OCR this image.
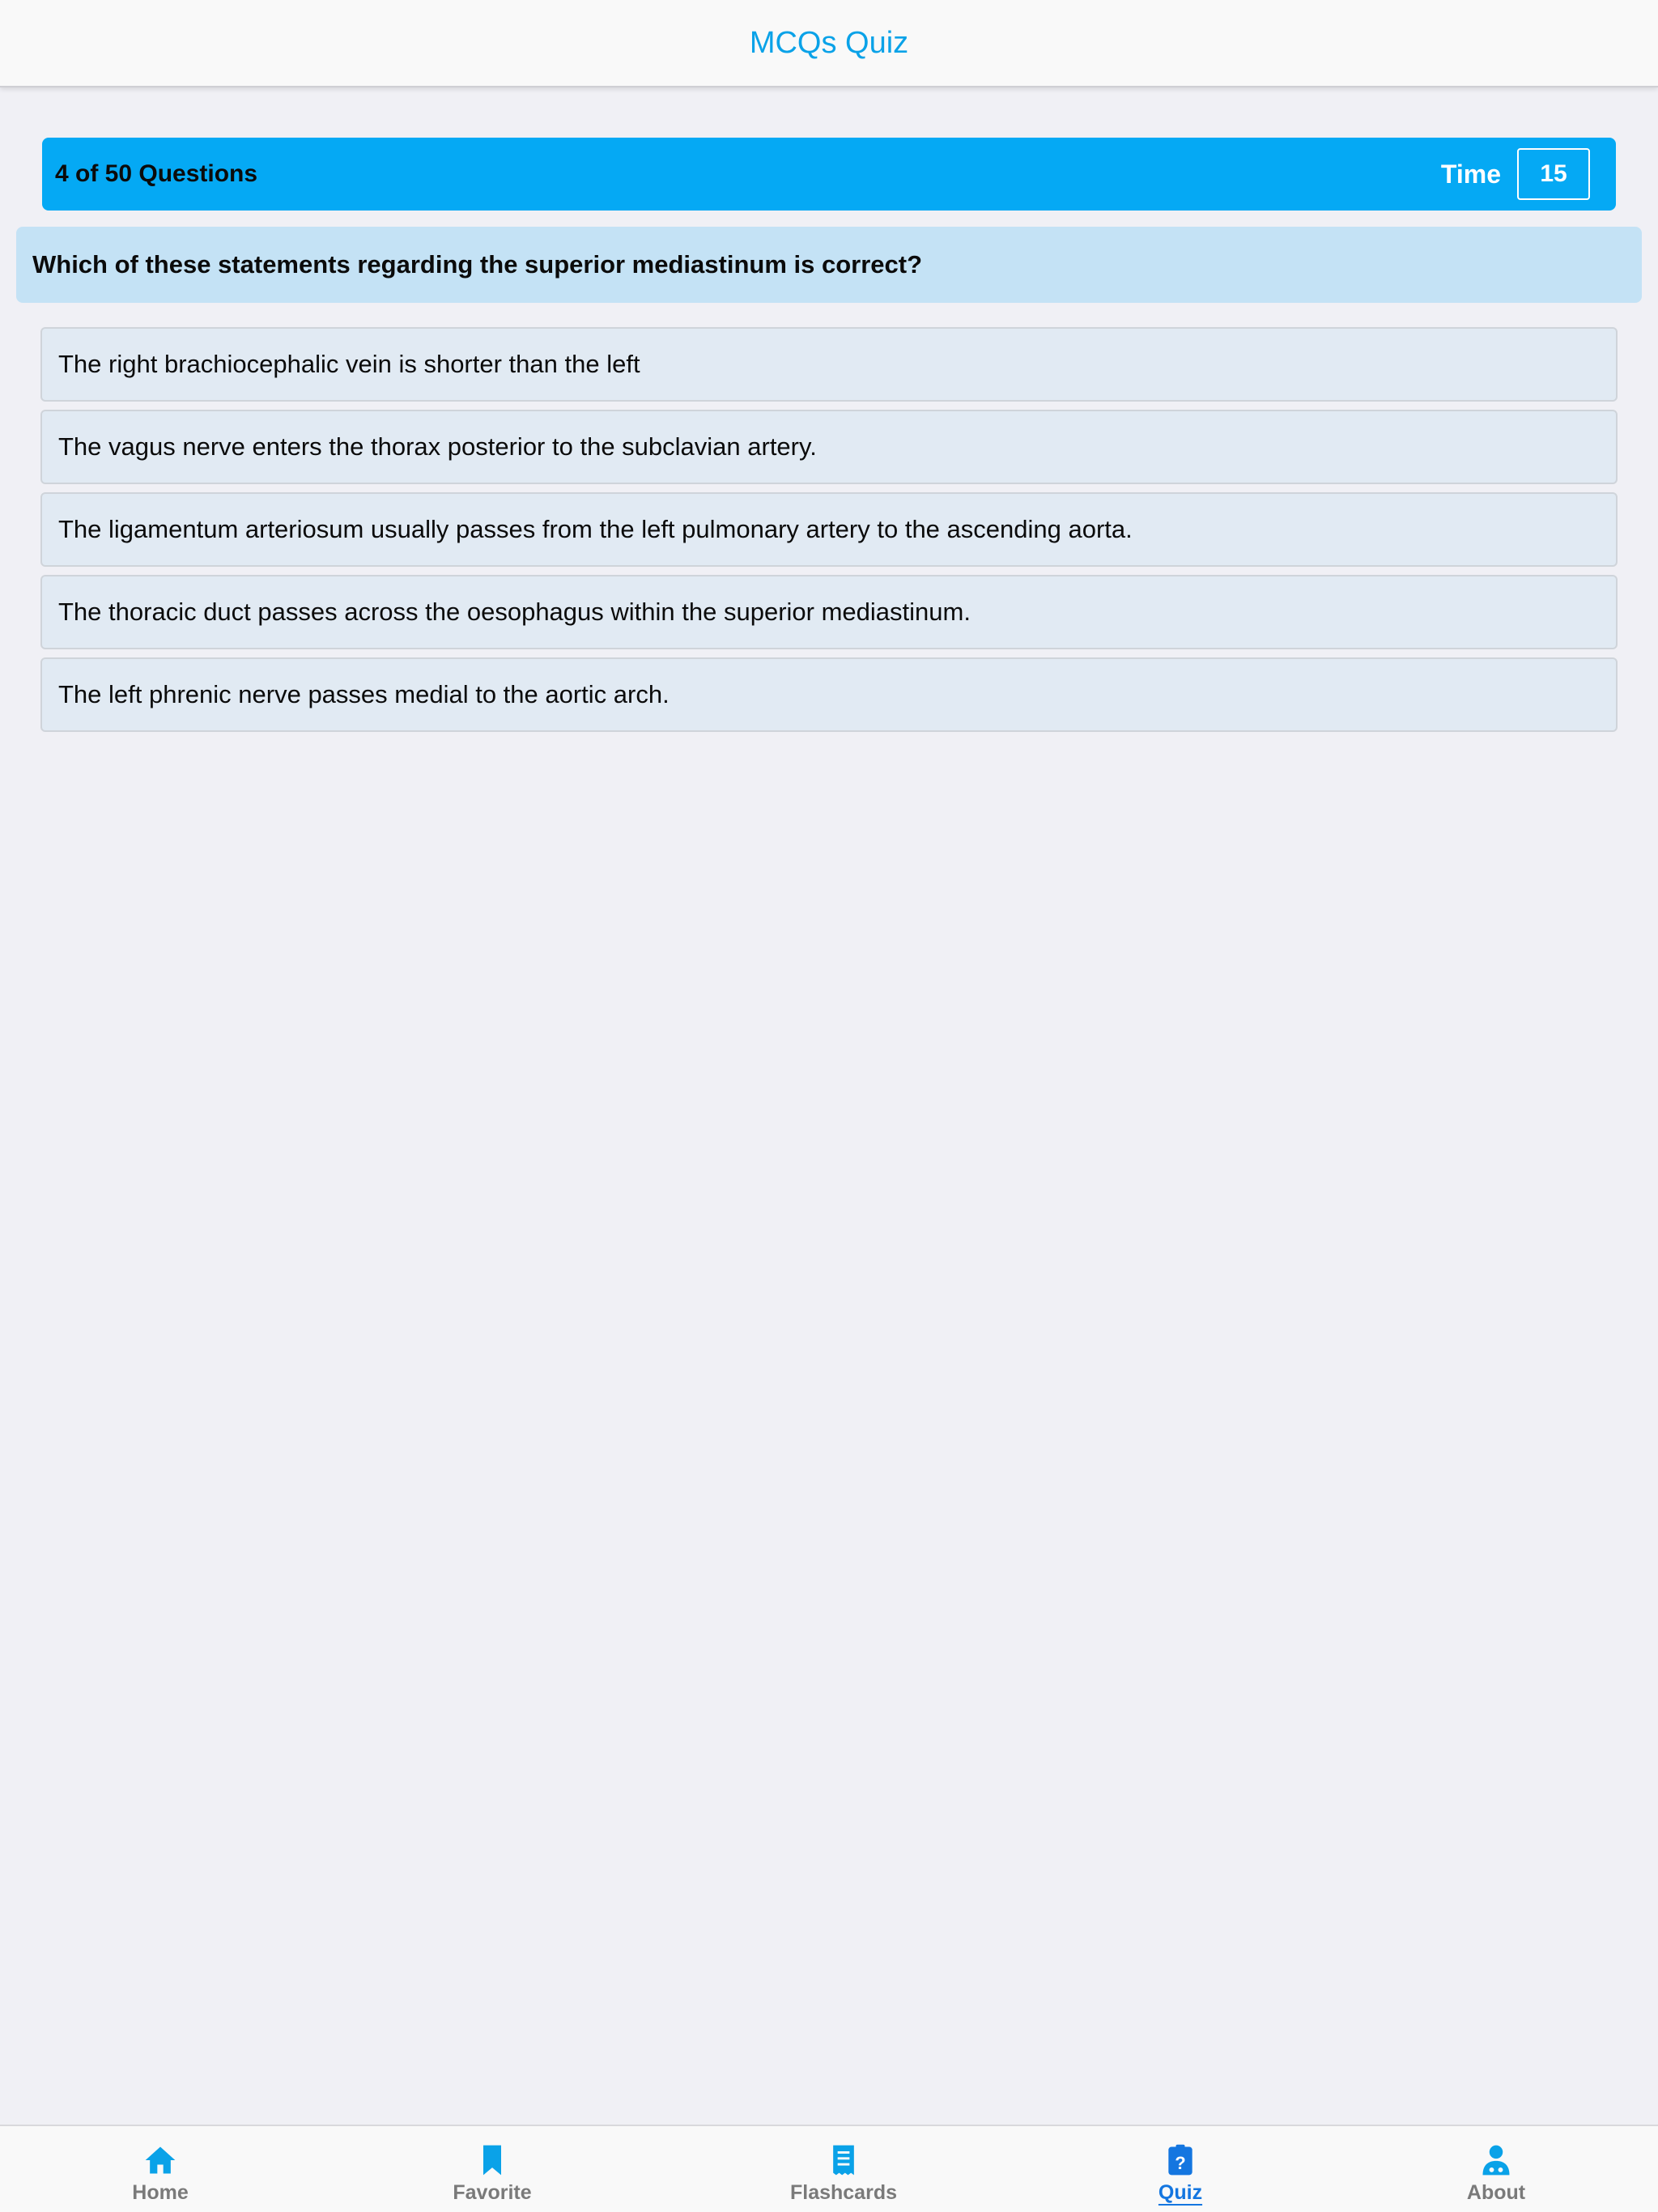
MCQs Quiz
4 of 50 Questions	Time	15
Which of these statements regarding the superior mediastinum is correct?
The right brachiocephalic vein is shorter than the left
The vagus nerve enters the thorax posterior to the subclavian artery.
The ligamentum arteriosum usually passes from the left pulmonary artery to the ascending aorta.
The thoracic duct passes across the oesophagus within the superior mediastinum.
The left phrenic nerve passes medial to the aortic arch.
Home	Favorite	Flashcards
?
Quiz	About
